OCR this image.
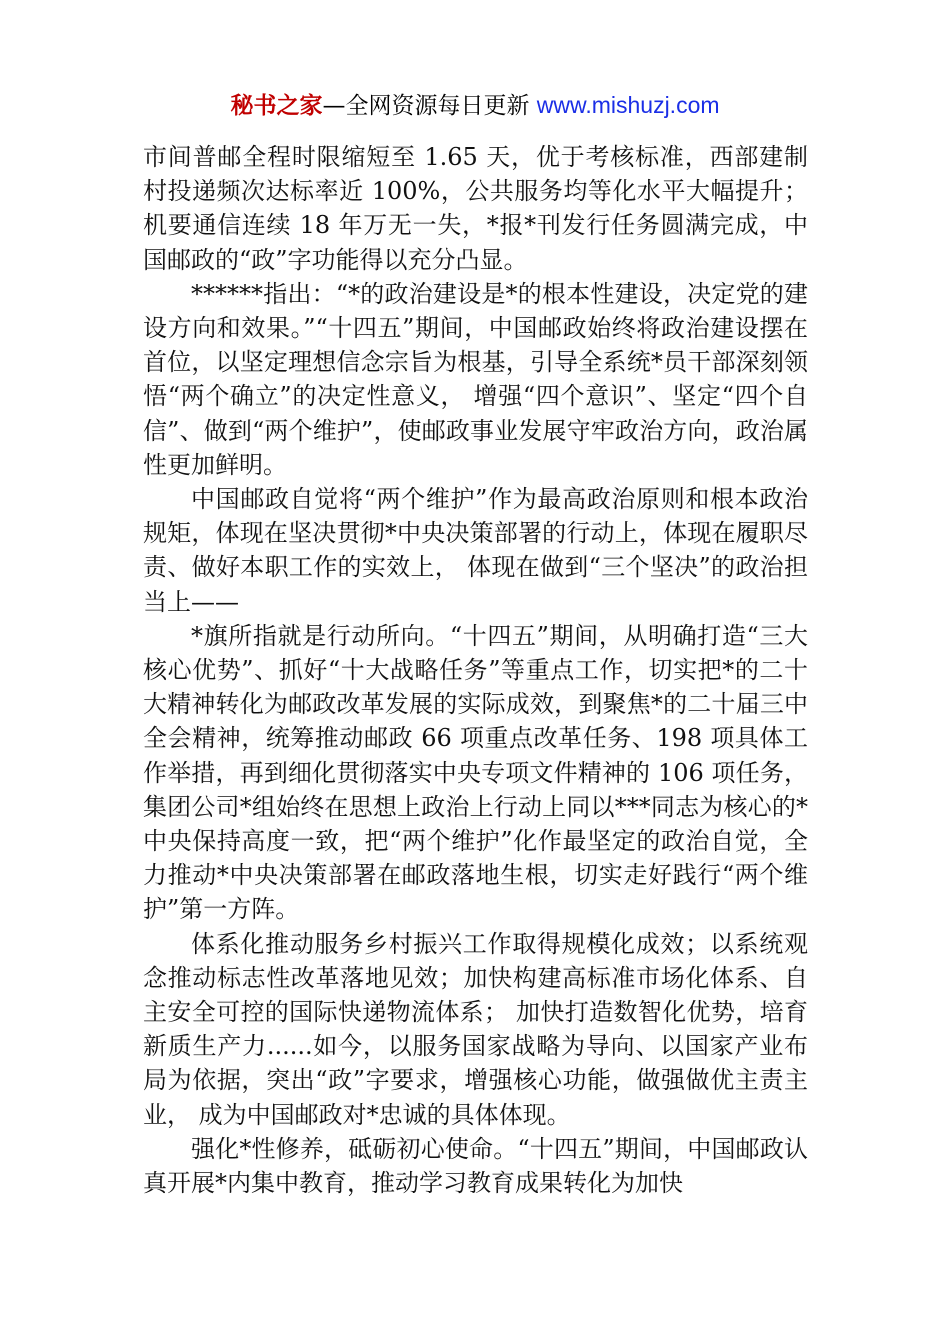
秘书之家—全网资源每日更新 www.mishuzj.com

市间普邮全程时限缩短至 1.65 天，优于考核标准，西部建制村投递频次达标率近 100%，公共服务均等化水平大幅提升；机要通信连续 18 年万无一失，*报*刊发行任务圆满完成，中国邮政的“政”字功能得以充分凸显。

******指出：“*的政治建设是*的根本性建设，决定党的建设方向和效果。”“十四五”期间，中国邮政始终将政治建设摆在首位，以坚定理想信念宗旨为根基，引导全系统*员干部深刻领悟“两个确立”的决定性意义， 增强“四个意识”、坚定“四个自信”、做到“两个维护”，使邮政事业发展守牢政治方向，政治属性更加鲜明。

中国邮政自觉将“两个维护”作为最高政治原则和根本政治规矩，体现在坚决贯彻*中央决策部署的行动上，体现在履职尽责、做好本职工作的实效上， 体现在做到“三个坚决”的政治担当上——

*旗所指就是行动所向。“十四五”期间，从明确打造“三大核心优势”、抓好“十大战略任务”等重点工作，切实把*的二十大精神转化为邮政改革发展的实际成效，到聚焦*的二十届三中全会精神，统筹推动邮政 66 项重点改革任务、198 项具体工作举措，再到细化贯彻落实中央专项文件精神的 106 项任务， 集团公司*组始终在思想上政治上行动上同以***同志为核心的*中央保持高度一致，把“两个维护”化作最坚定的政治自觉，全力推动*中央决策部署在邮政落地生根，切实走好践行“两个维护”第一方阵。

体系化推动服务乡村振兴工作取得规模化成效；以系统观念推动标志性改革落地见效；加快构建高标准市场化体系、自主安全可控的国际快递物流体系； 加快打造数智化优势，培育新质生产力......如今，以服务国家战略为导向、以国家产业布局为依据，突出“政”字要求，增强核心功能，做强做优主责主业， 成为中国邮政对*忠诚的具体体现。

强化*性修养，砥砺初心使命。“十四五”期间，中国邮政认真开展*内集中教育，推动学习教育成果转化为加快
